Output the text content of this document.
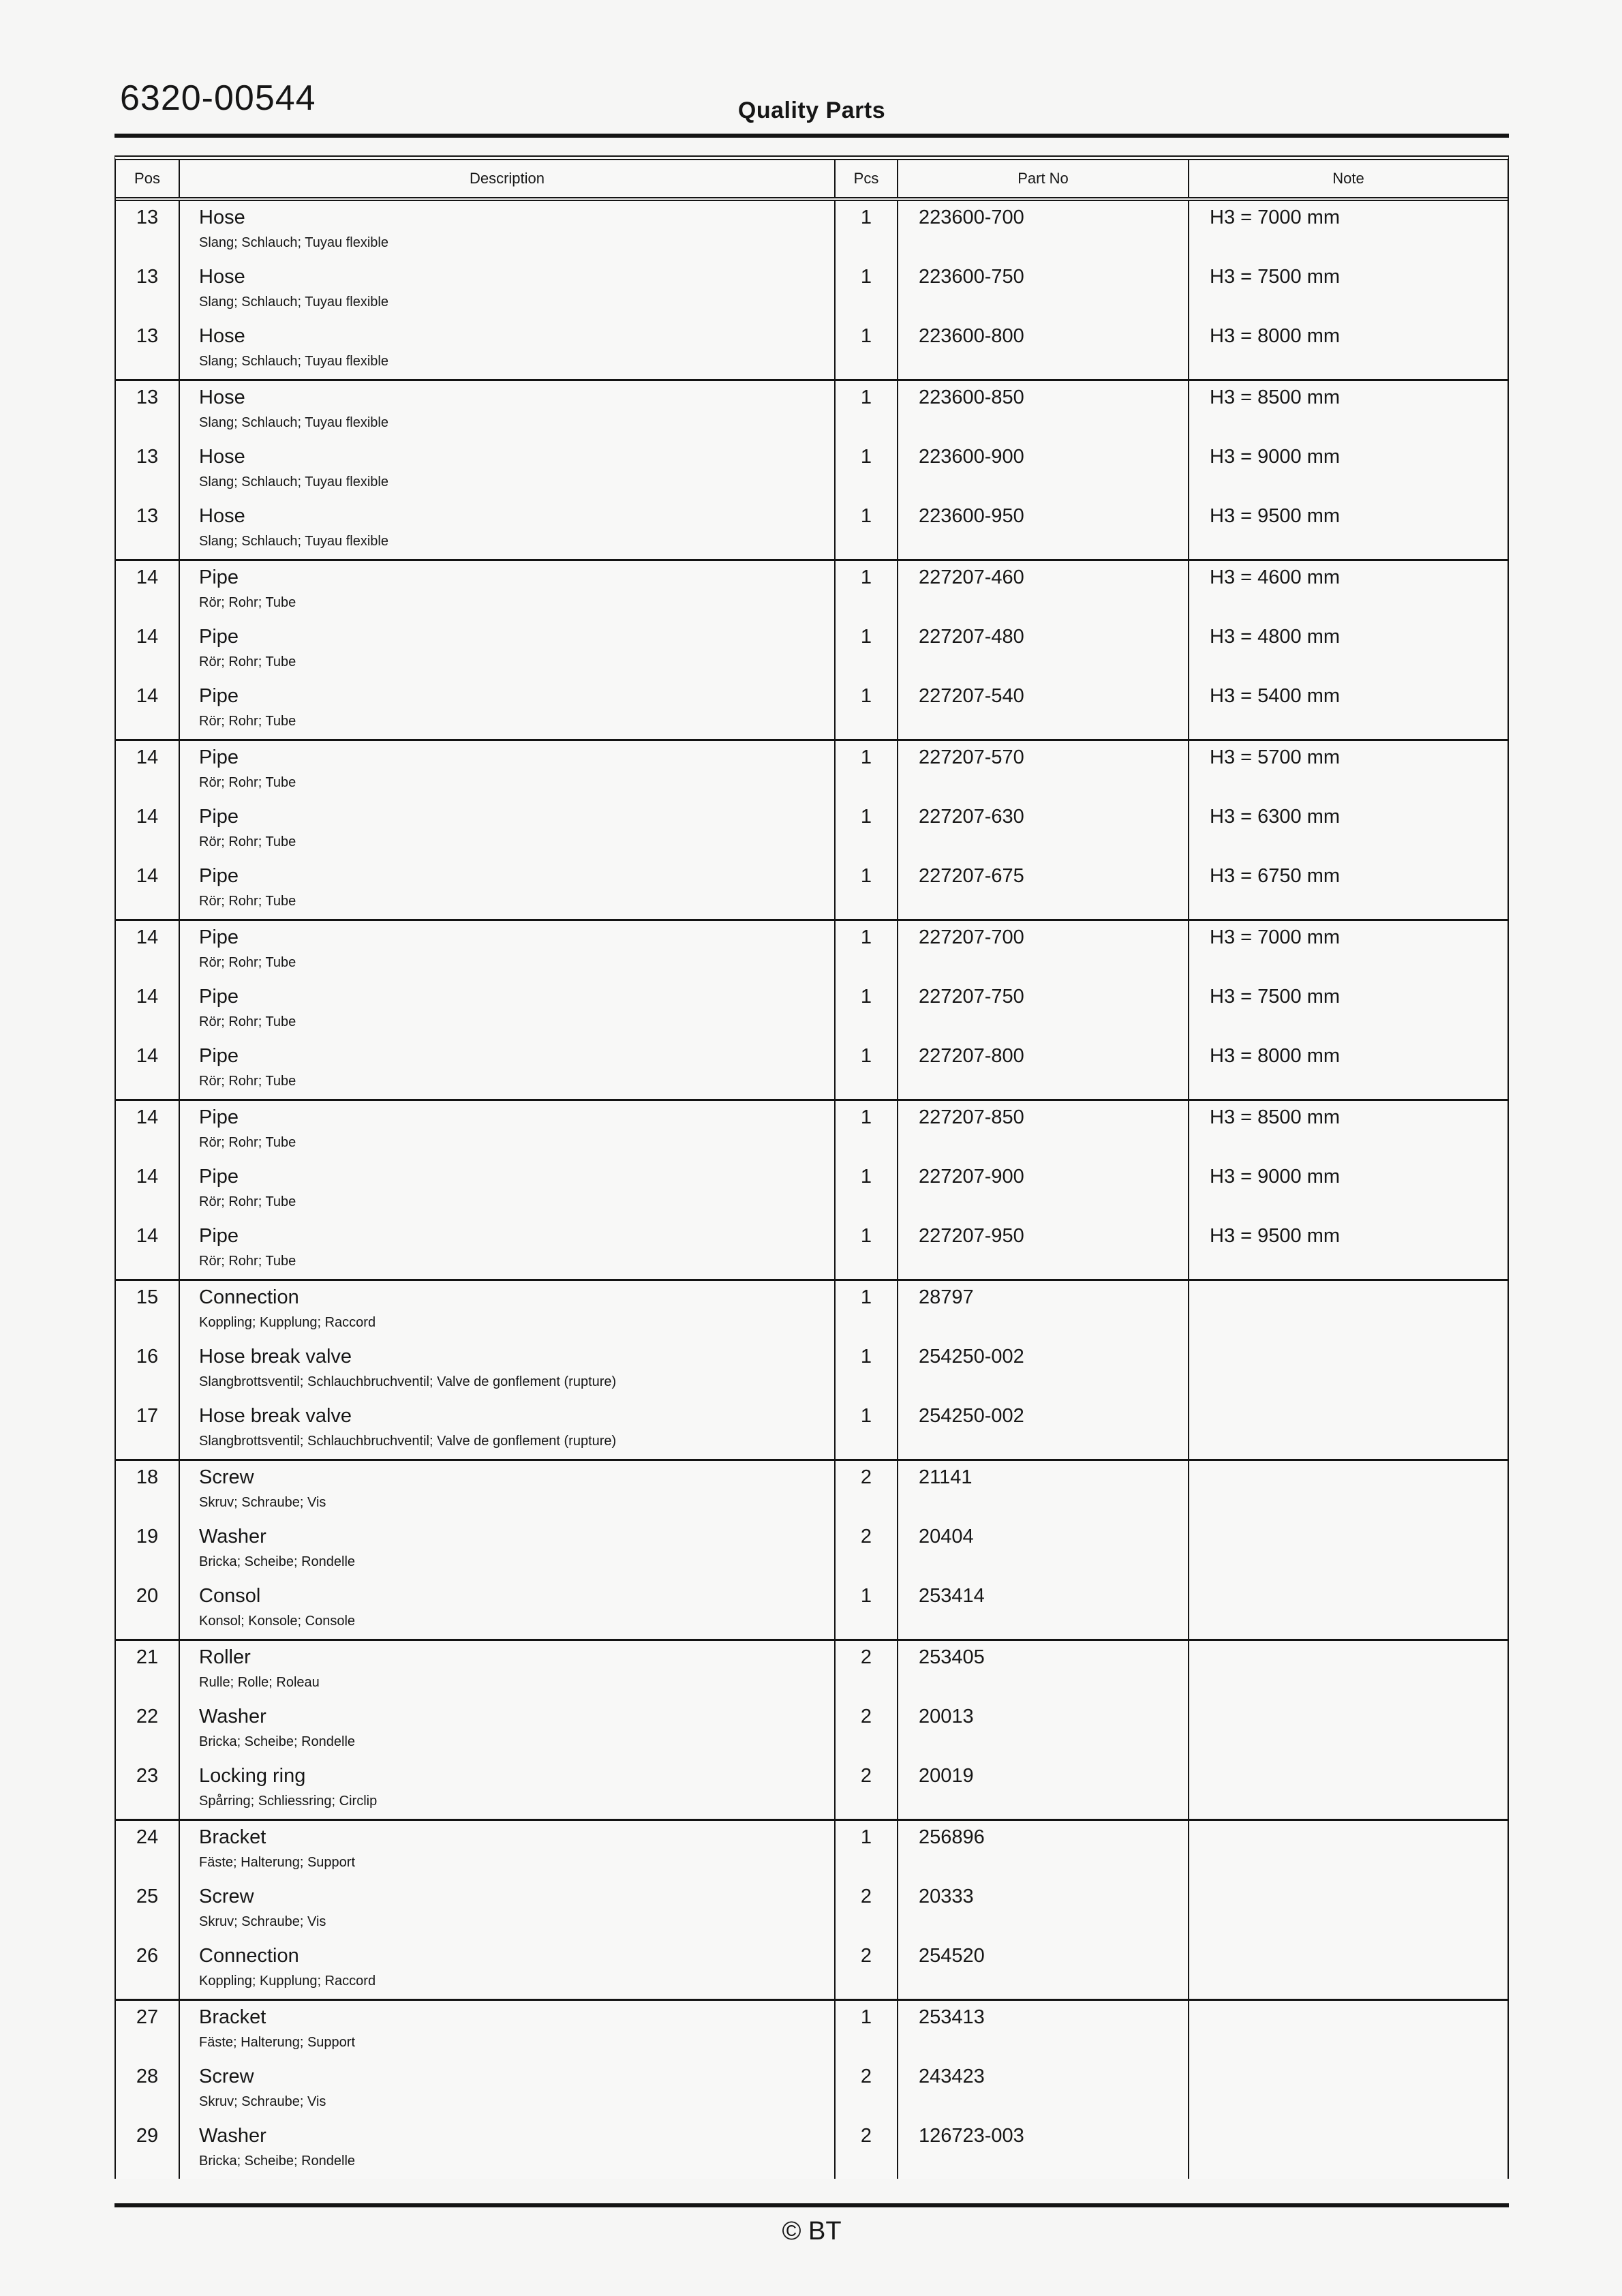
6320-00544	Quality Parts
Pos	Description	Pcs	Part No	Note
13	Hose
Slang; Schlauch; Tuyau flexible
1	223600-700	H3 = 7000 mm
13	Hose
Slang; Schlauch; Tuyau flexible
1	223600-750	H3 = 7500 mm
13	Hose
Slang; Schlauch; Tuyau flexible
1	223600-800	H3 = 8000 mm
13	Hose
Slang; Schlauch; Tuyau flexible
1	223600-850	H3 = 8500 mm
13	Hose
Slang; Schlauch; Tuyau flexible
1	223600-900	H3 = 9000 mm
13	Hose
Slang; Schlauch; Tuyau flexible
1	223600-950	H3 = 9500 mm
14	Pipe
Rör; Rohr; Tube
1	227207-460	H3 = 4600 mm
14	Pipe
Rör; Rohr; Tube
1	227207-480	H3 = 4800 mm
14	Pipe
Rör; Rohr; Tube
1	227207-540	H3 = 5400 mm
14	Pipe
Rör; Rohr; Tube
1	227207-570	H3 = 5700 mm
14	Pipe
Rör; Rohr; Tube
1	227207-630	H3 = 6300 mm
14	Pipe
Rör; Rohr; Tube
1	227207-675	H3 = 6750 mm
14	Pipe
Rör; Rohr; Tube
1	227207-700	H3 = 7000 mm
14	Pipe
Rör; Rohr; Tube
1	227207-750	H3 = 7500 mm
14	Pipe
Rör; Rohr; Tube
1	227207-800	H3 = 8000 mm
14	Pipe
Rör; Rohr; Tube
1	227207-850	H3 = 8500 mm
14	Pipe
Rör; Rohr; Tube
1	227207-900	H3 = 9000 mm
14	Pipe
Rör; Rohr; Tube
1	227207-950	H3 = 9500 mm
15	Connection
Koppling; Kupplung; Raccord
1	28797
16	Hose break valve
Slangbrottsventil; Schlauchbruchventil; Valve de gonflement (rupture)
1	254250-002
17	Hose break valve
Slangbrottsventil; Schlauchbruchventil; Valve de gonflement (rupture)
1	254250-002
18	Screw
Skruv; Schraube; Vis
2	21141
19	Washer
Bricka; Scheibe; Rondelle
2	20404
20	Consol
Konsol; Konsole; Console
1	253414
21	Roller
Rulle; Rolle; Roleau
2	253405
22	Washer
Bricka; Scheibe; Rondelle
2	20013
23	Locking ring
Spårring; Schliessring; Circlip
2	20019
24	Bracket
Fäste; Halterung; Support
1	256896
25	Screw
Skruv; Schraube; Vis
2	20333
26	Connection
Koppling; Kupplung; Raccord
2	254520
27	Bracket
Fäste; Halterung; Support
1	253413
28	Screw
Skruv; Schraube; Vis
2	243423
29	Washer
Bricka; Scheibe; Rondelle
2	126723-003
© BT
